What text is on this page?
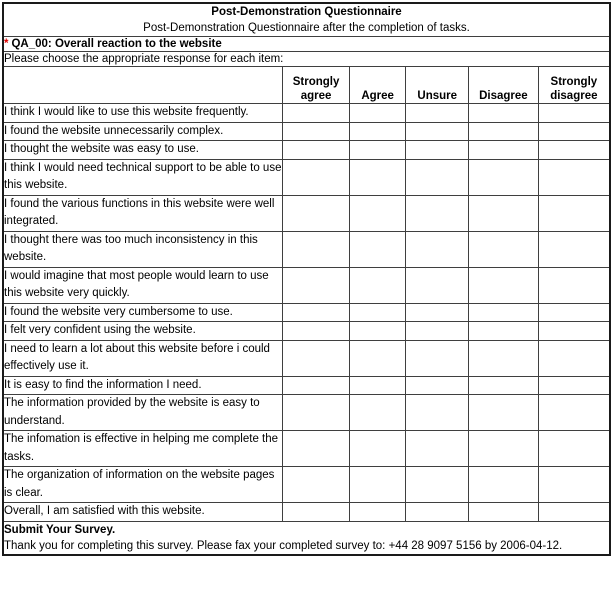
Post-Demonstration Questionnaire
Post-Demonstration Questionnaire after the completion of tasks.					

* QA_00: Overall reaction to the website					
Please choose the appropriate response for each item:					
	Strongly agree	Agree	Unsure	Disagree	Strongly disagree
I think I would like to use this website frequently.					
I found the website unnecessarily complex.					
I thought the website was easy to use.					
I think I would need technical support to be able to use this website.					
I found the various functions in this website were well integrated.					
I thought there was too much inconsistency in this website.					
I would imagine that most people would learn to use this website very quickly.					
I found the website very cumbersome to use.					
I felt very confident using the website.					
I need to learn a lot about this website before i could effectively use it.					
It is easy to find the information I need.					
The information provided by the website is easy to understand.					
The infomation is effective in helping me complete the tasks.					
The organization of information on the website pages is clear.					
Overall, I am satisfied with this website.					

Submit Your Survey.
Thank you for completing this survey. Please fax your completed survey to: +44 28 9097 5156 by 2006-04-12.					
